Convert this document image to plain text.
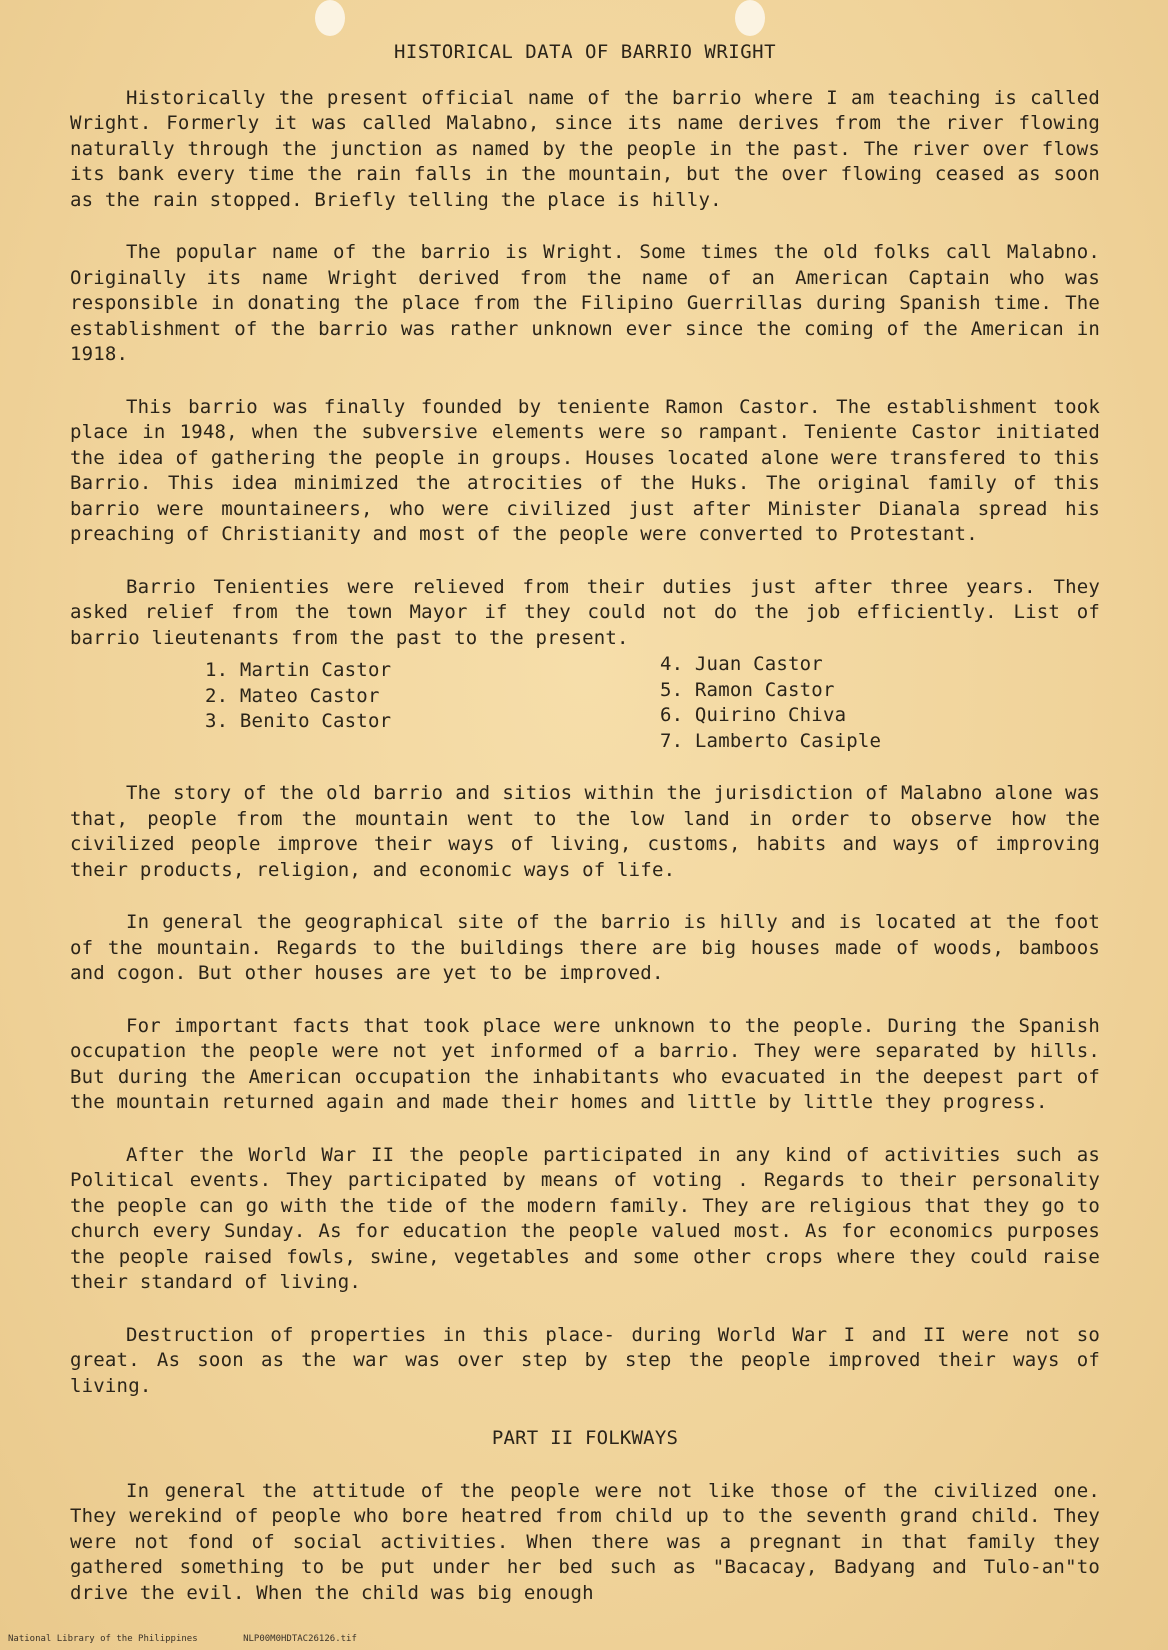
HISTORICAL DATA OF BARRIO WRIGHT

Historically the present official name of the barrio where I am teaching is called Wright. Formerly it was called Malabno, since its name derives from the river flowing naturally through the junction as named by the people in the past. The river over flows its bank every time the rain falls in the mountain, but the over flowing ceased as soon as the rain stopped. Briefly telling the place is hilly.

The popular name of the barrio is Wright. Some times the old folks call Malabno. Originally its name Wright derived from the name of an American Captain who was responsible in donating the place from the Filipino Guerrillas during Spanish time. The establishment of the barrio was rather unknown ever since the coming of the American in 1918.

This barrio was finally founded by teniente Ramon Castor. The establishment took place in 1948, when the subversive elements were so rampant. Teniente Castor initiated the idea of gathering the people in groups. Houses located alone were transfered to this Barrio. This idea minimized the atrocities of the Huks. The original family of this barrio were mountaineers, who were civilized just after Minister Dianala spread his preaching of Christianity and most of the people were converted to Protestant.

Barrio Tenienties were relieved from their duties just after three years. They asked relief from the town Mayor if they could not do the job efficiently. List of barrio lieutenants from the past to the present.

1. Martin Castor
2. Mateo Castor
3. Benito Castor
4. Juan Castor
5. Ramon Castor
6. Quirino Chiva
7. Lamberto Casiple

The story of the old barrio and sitios within the jurisdiction of Malabno alone was that, people from the mountain went to the low land in order to observe how the civilized people improve their ways of living, customs, habits and ways of improving their products, religion, and economic ways of life.

In general the geographical site of the barrio is hilly and is located at the foot of the mountain. Regards to the buildings there are big houses made of woods, bamboos and cogon. But other houses are yet to be improved.

For important facts that took place were unknown to the people. During the Spanish occupation the people were not yet informed of a barrio. They were separated by hills. But during the American occupation the inhabitants who evacuated in the deepest part of the mountain returned again and made their homes and little by little they progress.

After the World War II the people participated in any kind of activities such as Political events. They participated by means of voting . Regards to their personality the people can go with the tide of the modern family. They are religious that they go to church every Sunday. As for education the people valued most. As for economics purposes the people raised fowls, swine, vegetables and some other crops where they could raise their standard of living.

Destruction of properties in this place- during World War I and II were not so great. As soon as the war was over step by step the people improved their ways of living.

PART II FOLKWAYS

In general the attitude of the people were not like those of the civilized one. They werekind of people who bore heatred from child up to the seventh grand child. They were not fond of social activities. When there was a pregnant in that family they gathered something to be put under her bed such as "Bacacay, Badyang and Tulo-an"to drive the evil. When the child was big enough

National Library of the Philippines	NLP00M0HDTAC26126.tif
